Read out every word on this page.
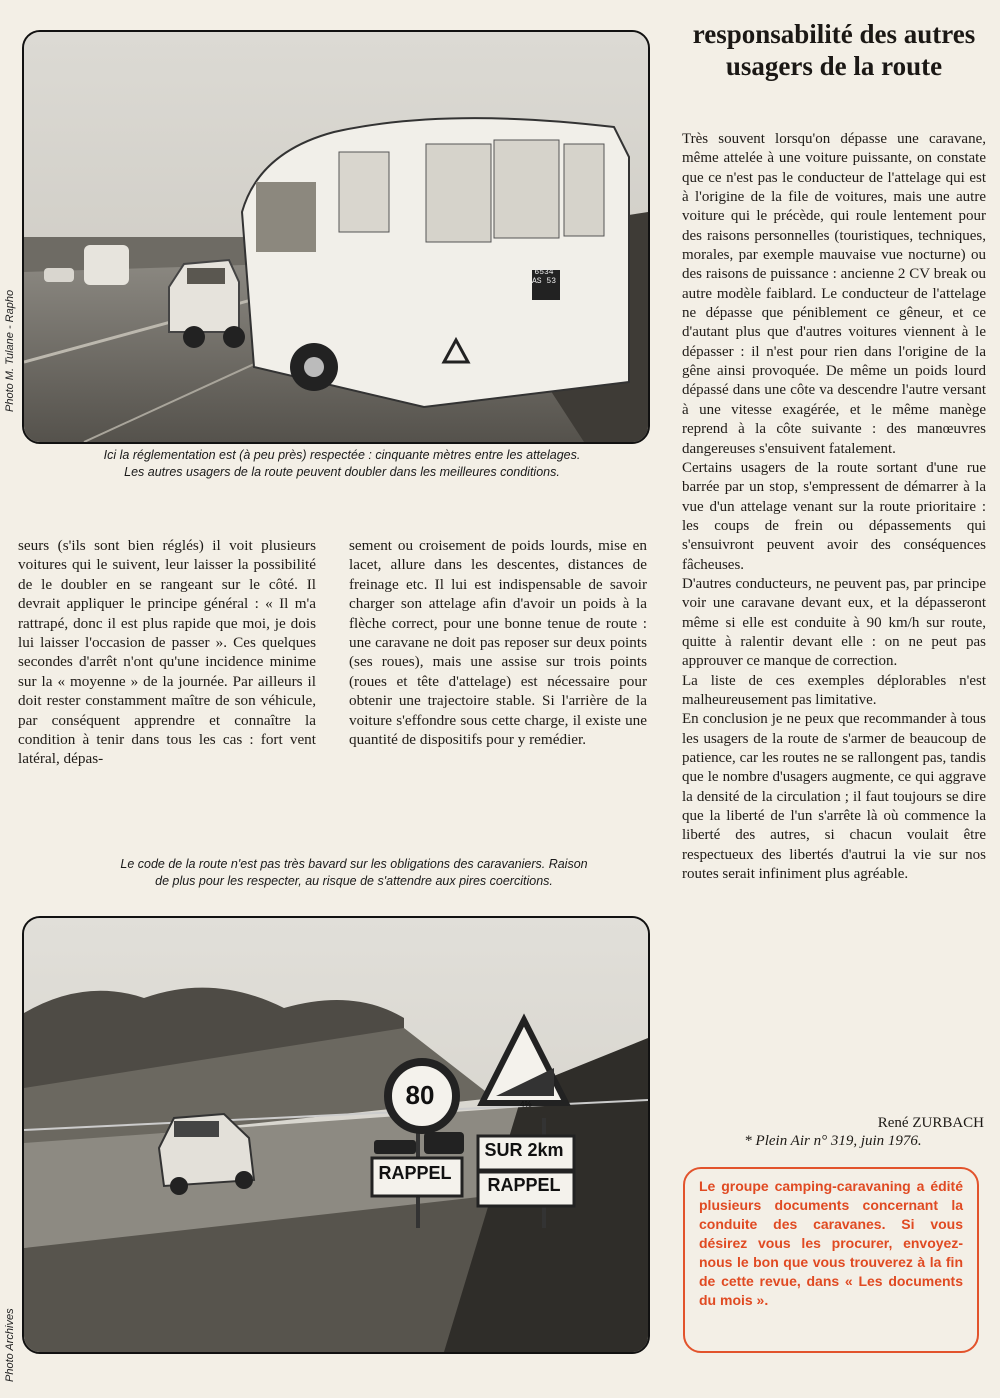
6534
AS 53
Photo M. Tulane - Rapho
Ici la réglementation est (à peu près) respectée : cinquante mètres entre les attelages. Les autres usagers de la route peuvent doubler dans les meilleures conditions.

seurs (s'ils sont bien réglés) il voit plusieurs voitures qui le suivent, leur laisser la possibilité de le doubler en se rangeant sur le côté. Il devrait appliquer le principe général : « Il m'a rattrapé, donc il est plus rapide que moi, je dois lui laisser l'occasion de passer ». Ces quelques secondes d'arrêt n'ont qu'une incidence minime sur la « moyenne » de la journée. Par ailleurs il doit rester constamment maître de son véhicule, par conséquent apprendre et connaître la condition à tenir dans tous les cas : fort vent latéral, dépas-

sement ou croisement de poids lourds, mise en lacet, allure dans les descentes, distances de freinage etc. Il lui est indispensable de savoir charger son attelage afin d'avoir un poids à la flèche correct, pour une bonne tenue de route : une caravane ne doit pas reposer sur deux points (ses roues), mais une assise sur trois points (roues et tête d'attelage) est nécessaire pour obtenir une trajectoire stable. Si l'arrière de la voiture s'effondre sous cette charge, il existe une quantité de dispositifs pour y remédier.

Le code de la route n'est pas très bavard sur les obligations des caravaniers. Raison de plus pour les respecter, au risque de s'attendre aux pires coercitions.
80	4%
RAPPEL
SUR 2km
RAPPEL
Photo Archives
responsabilité des autres usagers de la route

Très souvent lorsqu'on dépasse une caravane, même attelée à une voiture puissante, on constate que ce n'est pas le conducteur de l'attelage qui est à l'origine de la file de voitures, mais une autre voiture qui le précède, qui roule lentement pour des raisons personnelles (touristiques, techniques, morales, par exemple mauvaise vue nocturne) ou des raisons de puissance : ancienne 2 CV break ou autre modèle faiblard. Le conducteur de l'attelage ne dépasse que péniblement ce gêneur, et ce d'autant plus que d'autres voitures viennent à le dépasser : il n'est pour rien dans l'origine de la gêne ainsi provoquée. De même un poids lourd dépassé dans une côte va descendre l'autre versant à une vitesse exagérée, et le même manège reprend à la côte suivante : des manœuvres dangereuses s'ensuivent fatalement.

Certains usagers de la route sortant d'une rue barrée par un stop, s'empressent de démarrer à la vue d'un attelage venant sur la route prioritaire : les coups de frein ou dépassements qui s'ensuivront peuvent avoir des conséquences fâcheuses.

D'autres conducteurs, ne peuvent pas, par principe voir une caravane devant eux, et la dépasseront même si elle est conduite à 90 km/h sur route, quitte à ralentir devant elle : on ne peut pas approuver ce manque de correction.

La liste de ces exemples déplorables n'est malheureusement pas limitative.

En conclusion je ne peux que recommander à tous les usagers de la route de s'armer de beaucoup de patience, car les routes ne se rallongent pas, tandis que le nombre d'usagers augmente, ce qui aggrave la densité de la circulation ; il faut toujours se dire que la liberté de l'un s'arrête là où commence la liberté des autres, si chacun voulait être respectueux des libertés d'autrui la vie sur nos routes serait infiniment plus agréable.

René ZURBACH
* Plein Air n° 319, juin 1976.
Le groupe camping-caravaning a édité plusieurs documents concernant la conduite des caravanes. Si vous désirez vous les procurer, envoyez-nous le bon que vous trouverez à la fin de cette revue, dans « Les documents du mois ».
